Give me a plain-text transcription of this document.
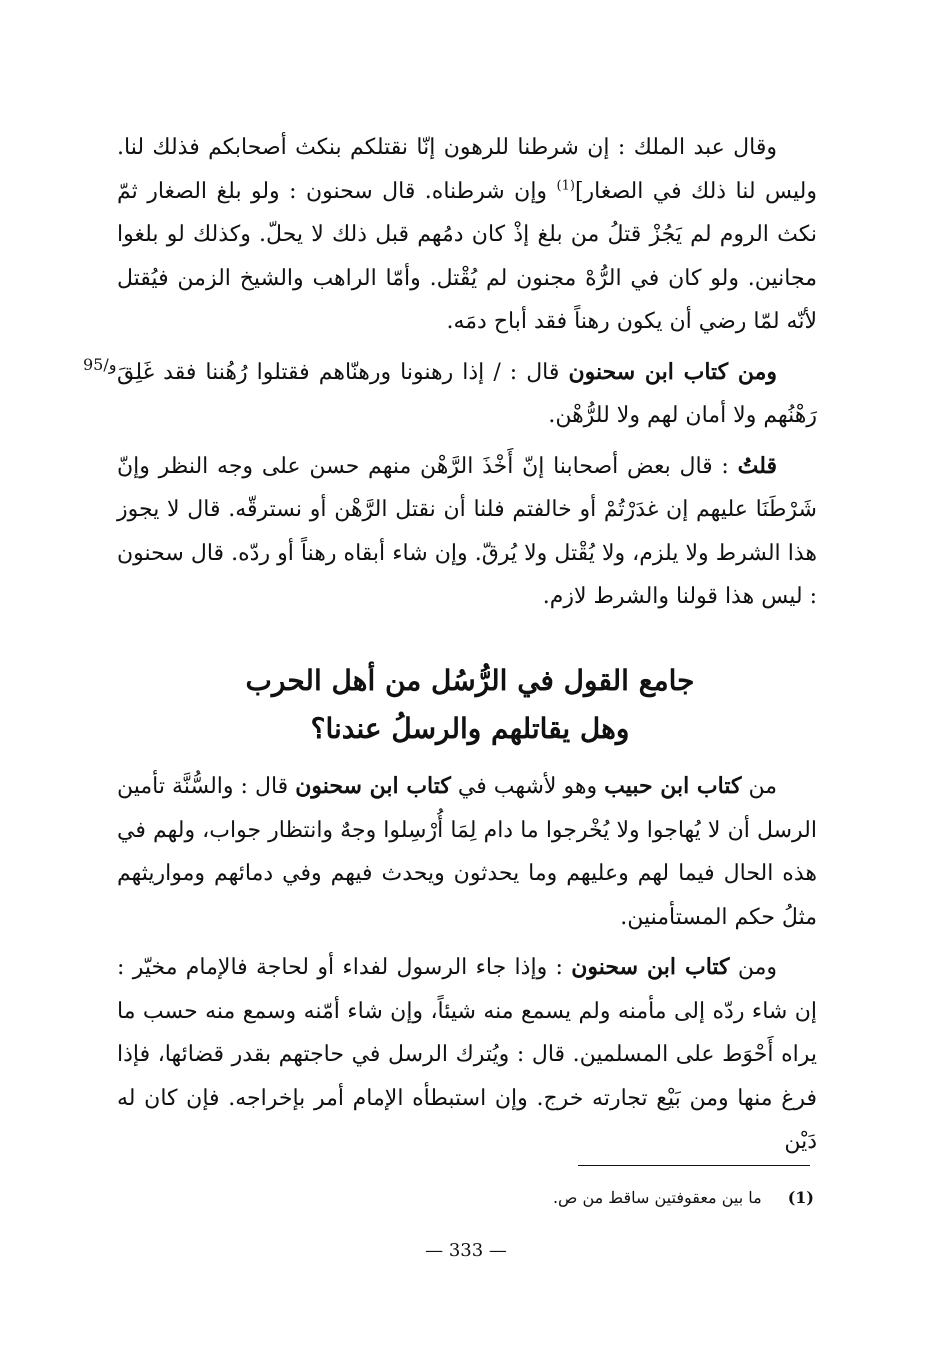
وقال عبد الملك : إن شرطنا للرهون إنّا نقتلكم بنكث أصحابكم فذلك لنا. وليس لنا ذلك في الصغار]$^{(1)}$ وإن شرطناه. قال سحنون : ولو بلغ الصغار ثمّ نكث الروم لم يَجُزْ قتلُ من بلغ إذْ كان دمُهم قبل ذلك لا يحلّ. وكذلك لو بلغوا مجانين. ولو كان في الرُّهْ مجنون لم يُقْتل. وأمّا الراهب والشيخ الزمن فيُقتل لأنّه لمّا رضي أن يكون رهناً فقد أباح دمَه.

ومن كتاب ابن سحنون قال : / إذا رهنونا ورهنّاهم فقتلوا رُهُننا فقد غَلِقَ رَهْنُهم ولا أمان لهم ولا للرُّهْن.

قلتُ : قال بعض أصحابنا إنّ أَخْذَ الرَّهْن منهم حسن على وجه النظر وإنّ شَرْطَنَا عليهم إن غدَرْتُمْ أو خالفتم فلنا أن نقتل الرَّهْن أو نسترقّه. قال لا يجوز هذا الشرط ولا يلزم، ولا يُقْتل ولا يُرقّ. وإن شاء أبقاه رهناً أو ردّه. قال سحنون : ليس هذا قولنا والشرط لازم.

95/و
جامع القول في الرُّسُل من أهل الحرب
وهل يقاتلهم والرسلُ عندنا؟

من كتاب ابن حبيب وهو لأشهب في كتاب ابن سحنون قال : والسُّنَّة تأمين الرسل أن لا يُهاجوا ولا يُخْرجوا ما دام لِمَا أُرْسِلوا وجهٌ وانتظار جواب، ولهم في هذه الحال فيما لهم وعليهم وما يحدثون ويحدث فيهم وفي دمائهم ومواريثهم مثلُ حكم المستأمنين.

ومن كتاب ابن سحنون : وإذا جاء الرسول لفداء أو لحاجة فالإمام مخيّر : إن شاء ردّه إلى مأمنه ولم يسمع منه شيئاً، وإن شاء أمّنه وسمع منه حسب ما يراه أَحْوَط على المسلمين. قال : ويُترك الرسل في حاجتهم بقدر قضائها، فإذا فرغ منها ومن بَيْع تجارته خرج. وإن استبطأه الإمام أمر بإخراجه. فإن كان له دَيْن

(1)ما بين معقوفتين ساقط من ص.
— 333 —
